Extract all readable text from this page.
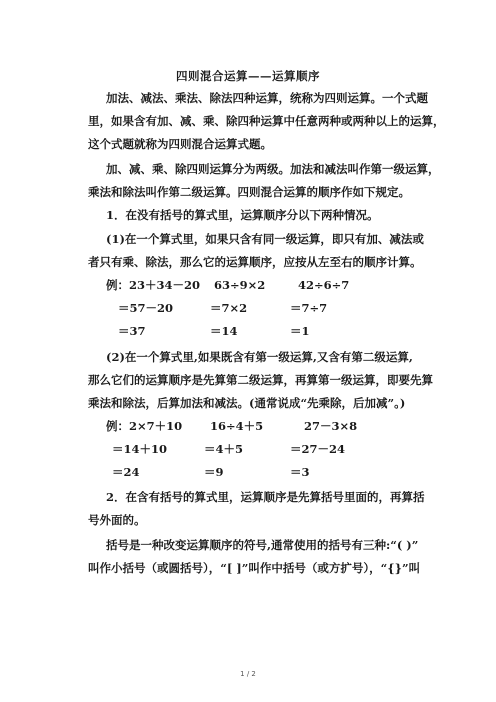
四则混合运算——运算顺序
加法、减法、乘法、除法四种运算，统称为四则运算。一个式题
里，如果含有加、减、乘、除四种运算中任意两种或两种以上的运算，
这个式题就称为四则混合运算式题。
加、减、乘、除四则运算分为两级。加法和减法叫作第一级运算，
乘法和除法叫作第二级运算。四则混合运算的顺序作如下规定。
1．在没有括号的算式里，运算顺序分以下两种情况。
(1)在一个算式里，如果只含有同一级运算，即只有加、减法或
者只有乘、除法，那么它的运算顺序，应按从左至右的顺序计算。
例：23＋34－20
＝57－20
＝37
63÷9×2
＝7×2
＝14
42÷6÷7
＝7÷7
＝1
(2)在一个算式里,如果既含有第一级运算,又含有第二级运算,
那么它们的运算顺序是先算第二级运算，再算第一级运算，即要先算
乘法和除法，后算加法和减法。(通常说成“先乘除，后加减”。)
例：2×7＋10
＝14＋10
＝24
16÷4＋5
＝4＋5
＝9
27－3×8
＝27－24
＝3
2．在含有括号的算式里，运算顺序是先算括号里面的，再算括
号外面的。
括号是一种改变运算顺序的符号,通常使用的括号有三种:“( )”
叫作小括号（或圆括号），“[ ]”叫作中括号（或方扩号），“{}”叫
1 / 2
